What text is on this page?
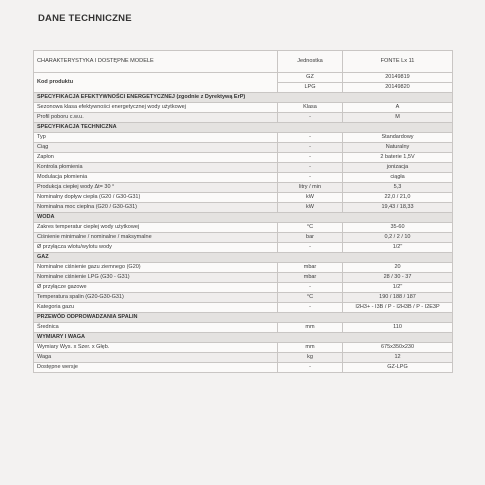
DANE TECHNICZNE
CHARAKTERYSTYKA I DOSTĘPNE MODELE	Jednostka	FONTE Lx 11
Kod produktu	GZ	20149819
	LPG	20149820
SPECYFIKACJA EFEKTYWNOŚCI ENERGETYCZNEJ (zgodnie z Dyrektywą ErP)		
Sezonowa klasa efektywności energetycznej wody użytkowej	Klasa	A
Profil poboru c.w.u.	-	M
SPECYFIKACJA TECHNICZNA		
Typ	-	Standardowy
Ciąg	-	Naturalny
Zapłon	-	2 baterie 1,5V
Kontrola płomienia	-	jonizacja
Modulacja płomienia	-	ciągła
Produkcja ciepłej wody Δt= 30 °	litry / min	5,3
Nominalny dopływ ciepła (G20 / G30-G31)	kW	22,0 / 21,0
Nominalna moc cieplna (G20 / G30-G31)	kW	19,43 / 18,33
WODA		
Zakres temperatur ciepłej wody użytkowej	°C	35-60
Ciśnienie minimalne / nominalne / maksymalne	bar	0,2 / 2 / 10
Ø przyłącza wlotu/wylotu wody	-	1/2"
GAZ		
Nominalne ciśnienie gazu ziemnego (G20)	mbar	20
Nominalne ciśnienie LPG (G30 - G31)	mbar	28 / 30 - 37
Ø przyłącze gazowe	-	1/2"
Temperatura spalin (G20-G30-G31)	°C	190 / 188 / 187
Kategoria gazu	-	I2H3+ - I3B / P - I2H3B / P - I2E3P
PRZEWÓD ODPROWADZANIA SPALIN		
Średnica	mm	110
WYMIARY I WAGA		
Wymiary Wys. x Szer. x Głęb.	mm	675x350x230
Waga	kg	12
Dostępne wersje	-	GZ-LPG
